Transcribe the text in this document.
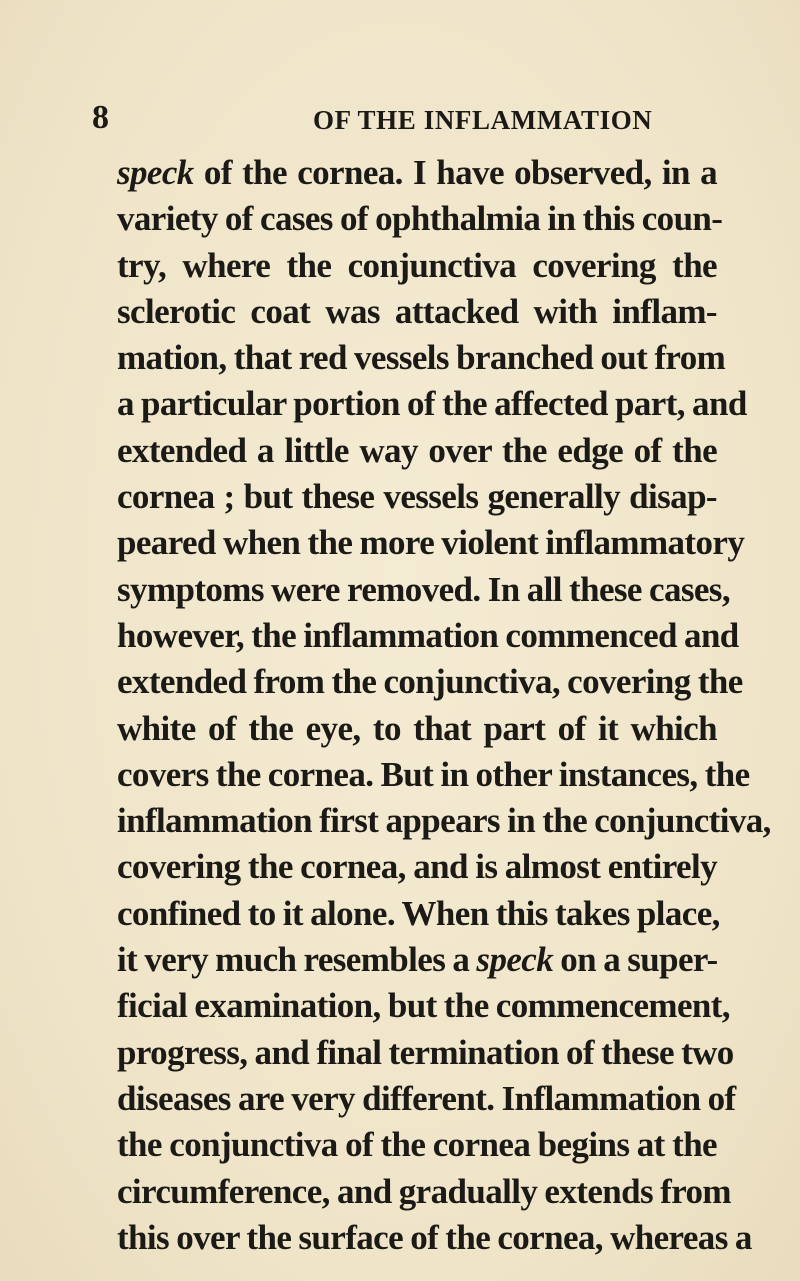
8	OF THE INFLAMMATION
speck of the cornea. I have observed, in a
variety of cases of ophthalmia in this coun-
try, where the conjunctiva covering the
sclerotic coat was attacked with inflam-
mation, that red vessels branched out from
a particular portion of the affected part, and
extended a little way over the edge of the
cornea ; but these vessels generally disap-
peared when the more violent inflammatory
symptoms were removed. In all these cases,
however, the inflammation commenced and
extended from the conjunctiva, covering the
white of the eye, to that part of it which
covers the cornea. But in other instances, the
inflammation first appears in the conjunctiva,
covering the cornea, and is almost entirely
confined to it alone. When this takes place,
it very much resembles a speck on a super-
ficial examination, but the commencement,
progress, and final termination of these two
diseases are very different. Inflammation of
the conjunctiva of the cornea begins at the
circumference, and gradually extends from
this over the surface of the cornea, whereas a
